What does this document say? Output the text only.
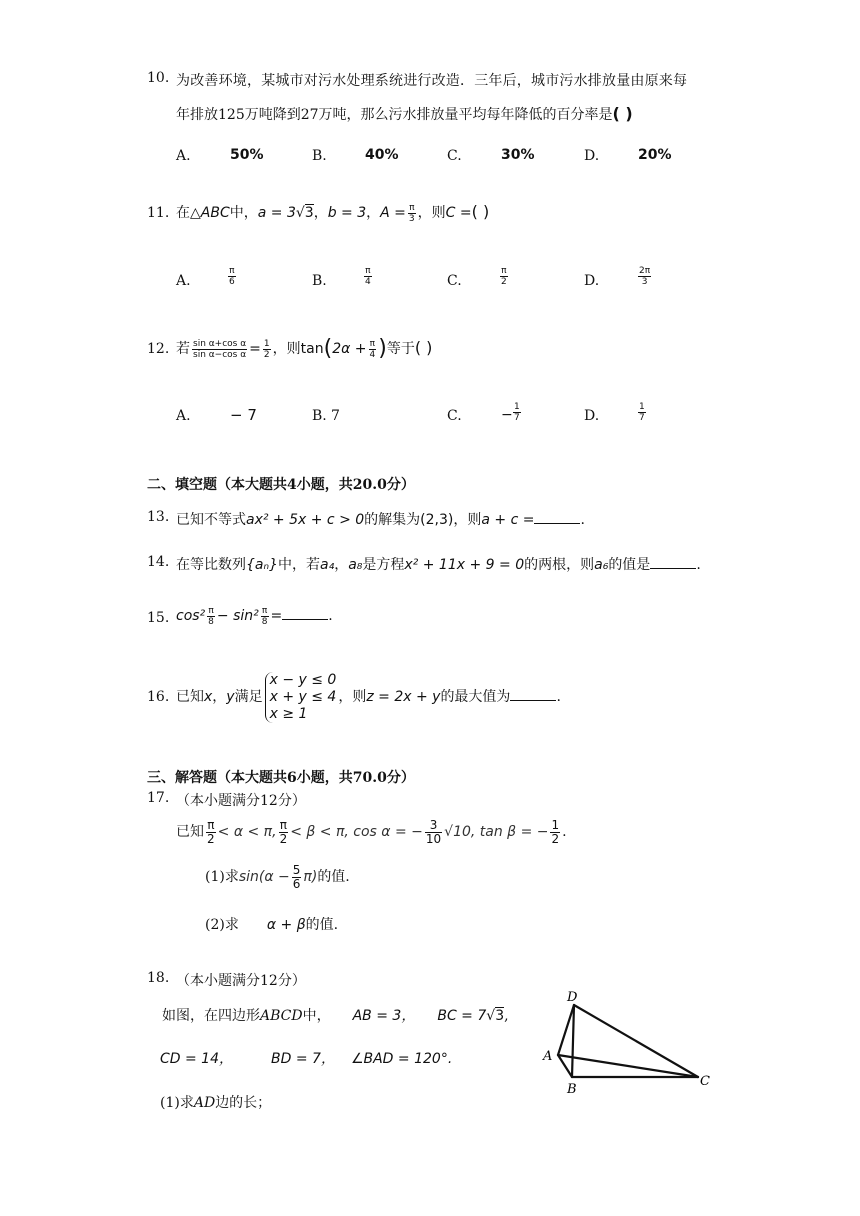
10. 为改善环境，某城市对污水处理系统进行改造．三年后，城市污水排放量由原来每
年排放125万吨降到27万吨，那么污水排放量平均每年降低的百分率是( )
A.	50%	B.	40%	C.	30%	D.	20%
11. 在△ABC中，a = 3√3，b = 3，$A = \frac{\pi}{3}$ ，则C =( )
A.	$\frac{\pi}{6}$	B.	$\frac{\pi}{4}$	C.	$\frac{\pi}{2}$	D.	$\frac{2\pi}{3}$
12. 若 $\frac{\text{sin α+cos α}}{\text{sin α−cos α}} = \frac{1}{2}$ ，则$\tan(2\alpha + \frac{\pi}{4}$ )等于( )
A.	− 7	B. 7	C.	− $\frac{1}{7}$	D.	$\frac{1}{7}$
二、填空题（本大题共4小题，共20.0分）
13. 已知不等式ax² + 5x + c > 0的解集为(2,3)，则a + c =	.
14. 在等比数列{aₙ}中，若a₄，a₈是方程x² + 11x + 9 = 0的两根，则a₆的值是	.
15. $\cos^2 \frac{\pi}{8} - \sin^2 \frac{\pi}{8}$ =	.
16. 已知x，y满足
x − y ≤ 0
x + y ≤ 4
x ≥ 1
，则z = 2x + y的最大值为	.
三、解答题（本大题共6小题，共70.0分）
17. （本小题满分12分）
已知 $\frac{\pi}{2} < \alpha < \pi$, $\frac{\pi}{2} < \beta < \pi$, cos α = − $\frac{3}{10} √10$, tan β = − $\frac{1}{2}$ .
(1)求$\sin(\alpha - \frac{5}{6} \pi)$的值.
(2)求 α + β的值.
18. （本小题满分12分）
如图，在四边形ABCD中， AB = 3， BC = 7√3,
CD = 14，	BD = 7， ∠BAD = 120°.
(1)求AD边的长；
D
A
B
C
